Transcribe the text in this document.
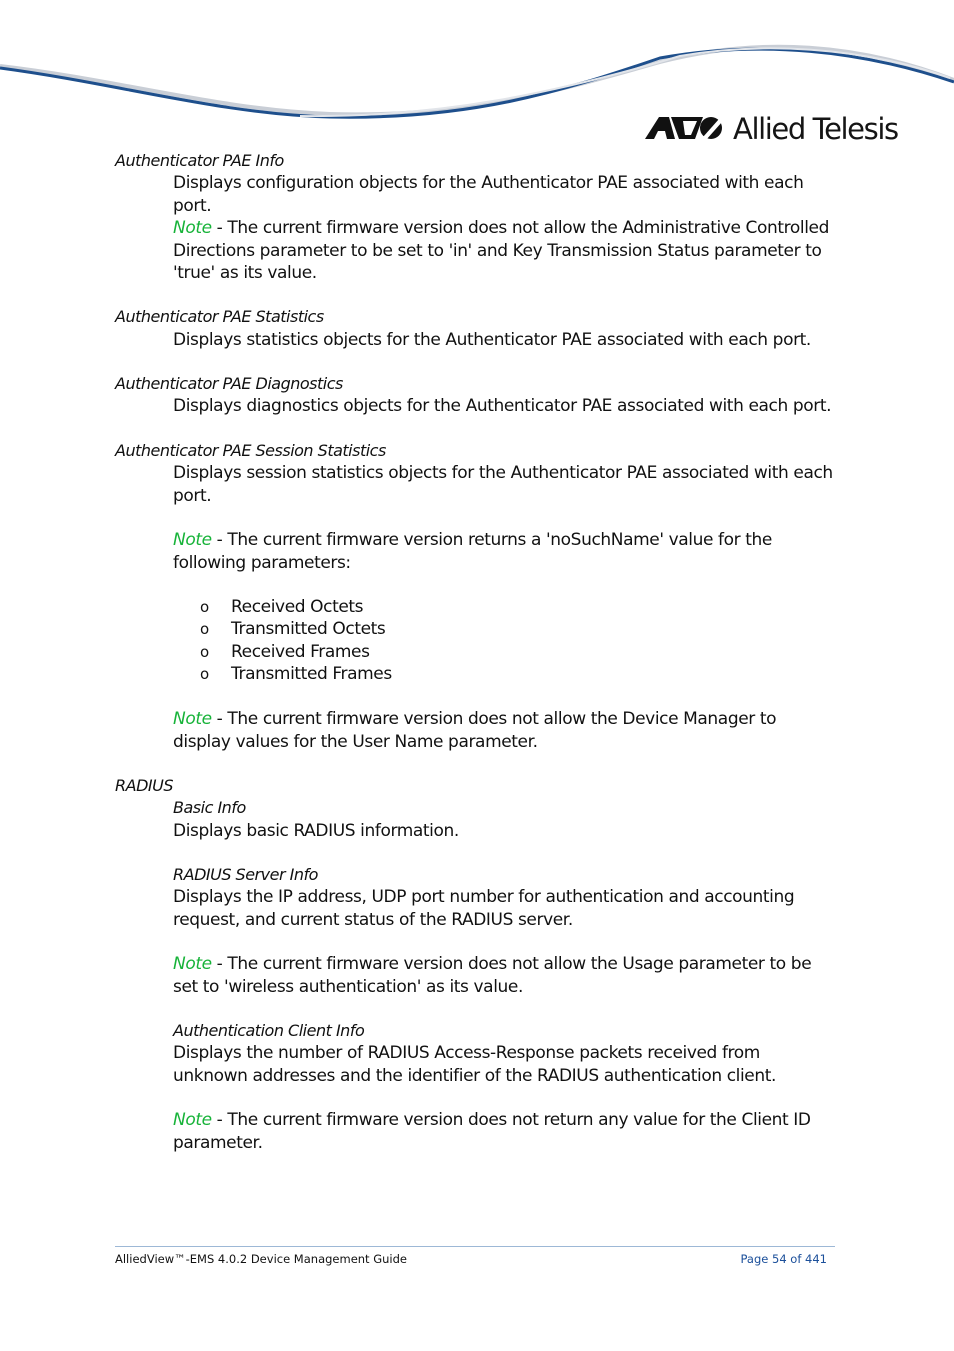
Allied Telesis
Authenticator PAE Info
Displays configuration objects for the Authenticator PAE associated with each port.
Note - The current firmware version does not allow the Administrative Controlled Directions parameter to be set to 'in' and Key Transmission Status parameter to 'true' as its value.
Authenticator PAE Statistics
Displays statistics objects for the Authenticator PAE associated with each port.
Authenticator PAE Diagnostics
Displays diagnostics objects for the Authenticator PAE associated with each port.
Authenticator PAE Session Statistics
Displays session statistics objects for the Authenticator PAE associated with each port.
Note - The current firmware version returns a 'noSuchName' value for the following parameters:
o	Received Octets
o	Transmitted Octets
o	Received Frames
o	Transmitted Frames
Note - The current firmware version does not allow the Device Manager to display values for the User Name parameter.
RADIUS
Basic Info
Displays basic RADIUS information.
RADIUS Server Info
Displays the IP address, UDP port number for authentication and accounting request, and current status of the RADIUS server.
Note - The current firmware version does not allow the Usage parameter to be set to 'wireless authentication' as its value.
Authentication Client Info
Displays the number of RADIUS Access-Response packets received from unknown addresses and the identifier of the RADIUS authentication client.
Note - The current firmware version does not return any value for the Client ID parameter.
AlliedView™-EMS 4.0.2 Device Management Guide	Page 54 of 441
